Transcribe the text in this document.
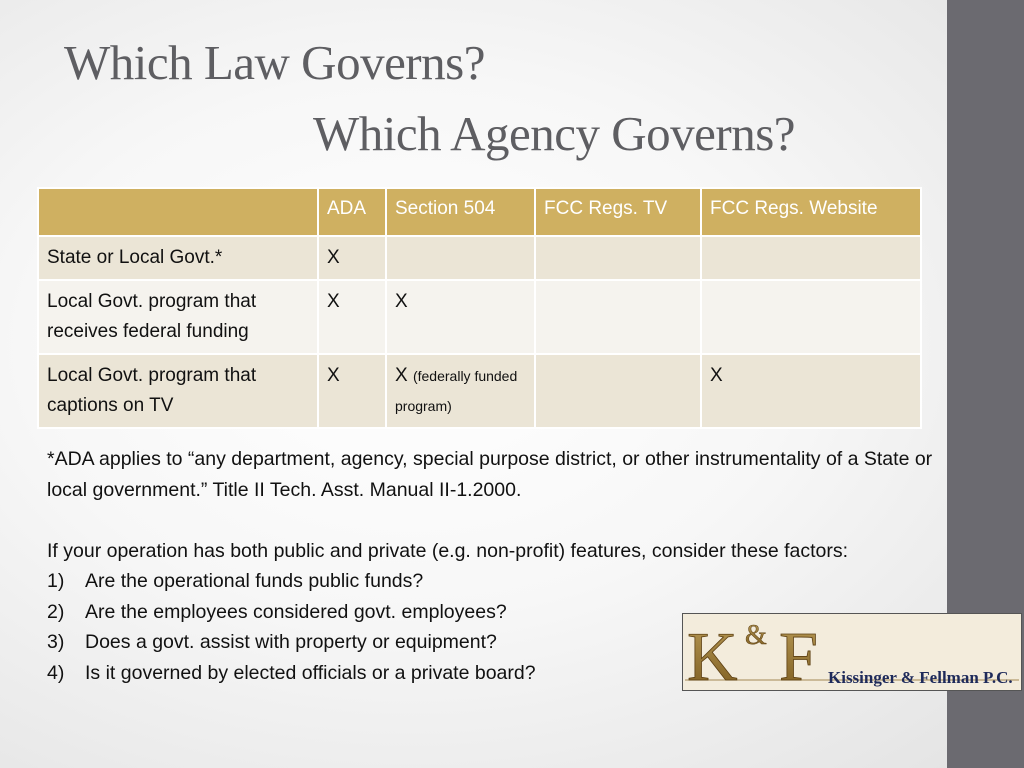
Which Law Governs?
Which Agency Governs?
	ADA	Section 504	FCC Regs. TV	FCC Regs. Website
State or Local Govt.*	X			
Local Govt. program that receives federal funding	X	X		
Local Govt. program that captions on TV	X	X (federally funded program)		X

*ADA applies to “any department, agency, special purpose district, or other instrumentality of a State or local government.” Title II Tech. Asst. Manual II-1.2000.

If your operation has both public and private (e.g. non-profit) features, consider these factors:

1)	Are the operational funds public funds?
2)	Are the employees considered govt. employees?
3)	Does a govt. assist with property or equipment?
4)	Is it governed by elected officials or a private board? K & F Kissinger & Fellman P.C.
